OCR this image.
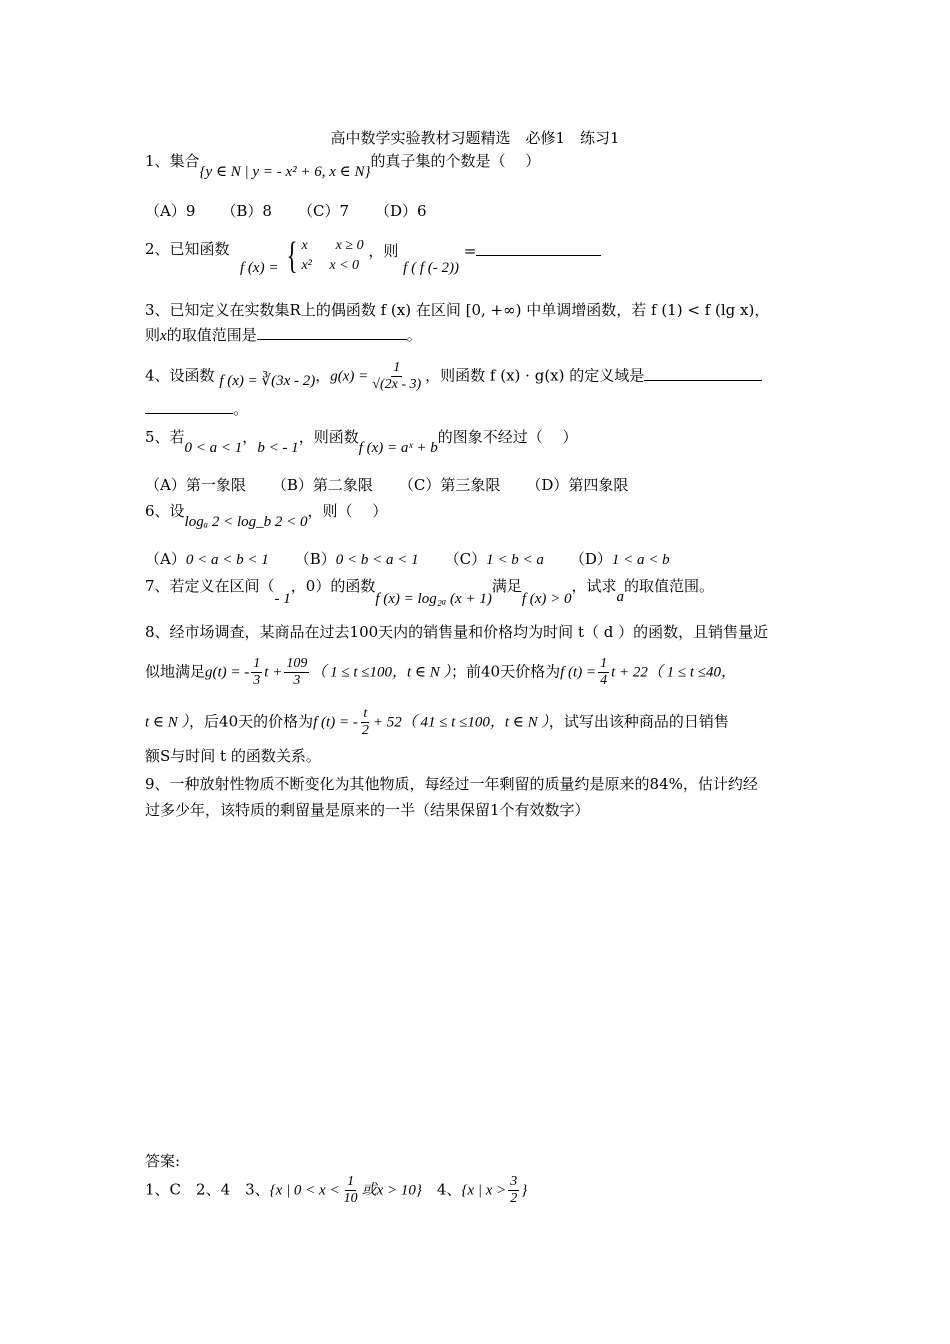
高中数学实验教材习题精选　必修1　练习1
1、集合{y ∈ N | y = - x² + 6, x ∈ N}的真子集的个数是（　 ）
（A）9 （B）8 （C）7 （D）6
2、已知函数
f (x) = { x　　x ≥ 0
x²　 x < 0
，则 f ( f (- 2)) =
3、已知定义在实数集R上的偶函数 f (x) 在区间 [0, +∞) 中单调增函数，若 f (1) < f (lg x)，
则x的取值范围是	。
4、设函数 f (x) = ∛(3x - 2)，$g(x) = \frac{1}{√(2x - 3)}$ ，则函数 f (x) · g(x) 的定义域是
。
5、若0 < a < 1，b < - 1，则函数f (x) = aˣ + b的图象不经过（　 ）
（A）第一象限 （B）第二象限 （C）第三象限 （D）第四象限
6、设logₐ 2 < log_b 2 < 0，则（　 ）
（A）0 < a < b < 1 （B）0 < b < a < 1 （C）1 < b < a （D）1 < a < b
7、若定义在区间（- 1，0）的函数f (x) = log₂ₐ (x + 1)满足f (x) > 0，试求a的取值范围。
8、经市场调查，某商品在过去100天内的销售量和价格均为时间 t（ d ）的函数，且销售量近
似地满足g(t) = - $\frac{1}{3}$ $t + \frac{109}{3}$ （ 1 ≤ t ≤100，t ∈ N ）；前40天价格为f $(t) = \frac{1}{4}$ t + 22（ 1 ≤ t ≤40，
t ∈ N ），后40天的价格为f (t) = - $\frac{t}{2} + 52$（ 41 ≤ t ≤100，t ∈ N ），试写出该种商品的日销售
额S与时间 t 的函数关系。
9、一种放射性物质不断变化为其他物质，每经过一年剩留的质量约是原来的84%，估计约经
过多少年，该特质的剩留量是原来的一半（结果保留1个有效数字）
答案:
1、C　2、4　3、{x | $0 < x < \frac{1}{10}$ 或x > 10}　4、{x | $x > \frac{3}{2}$ }
